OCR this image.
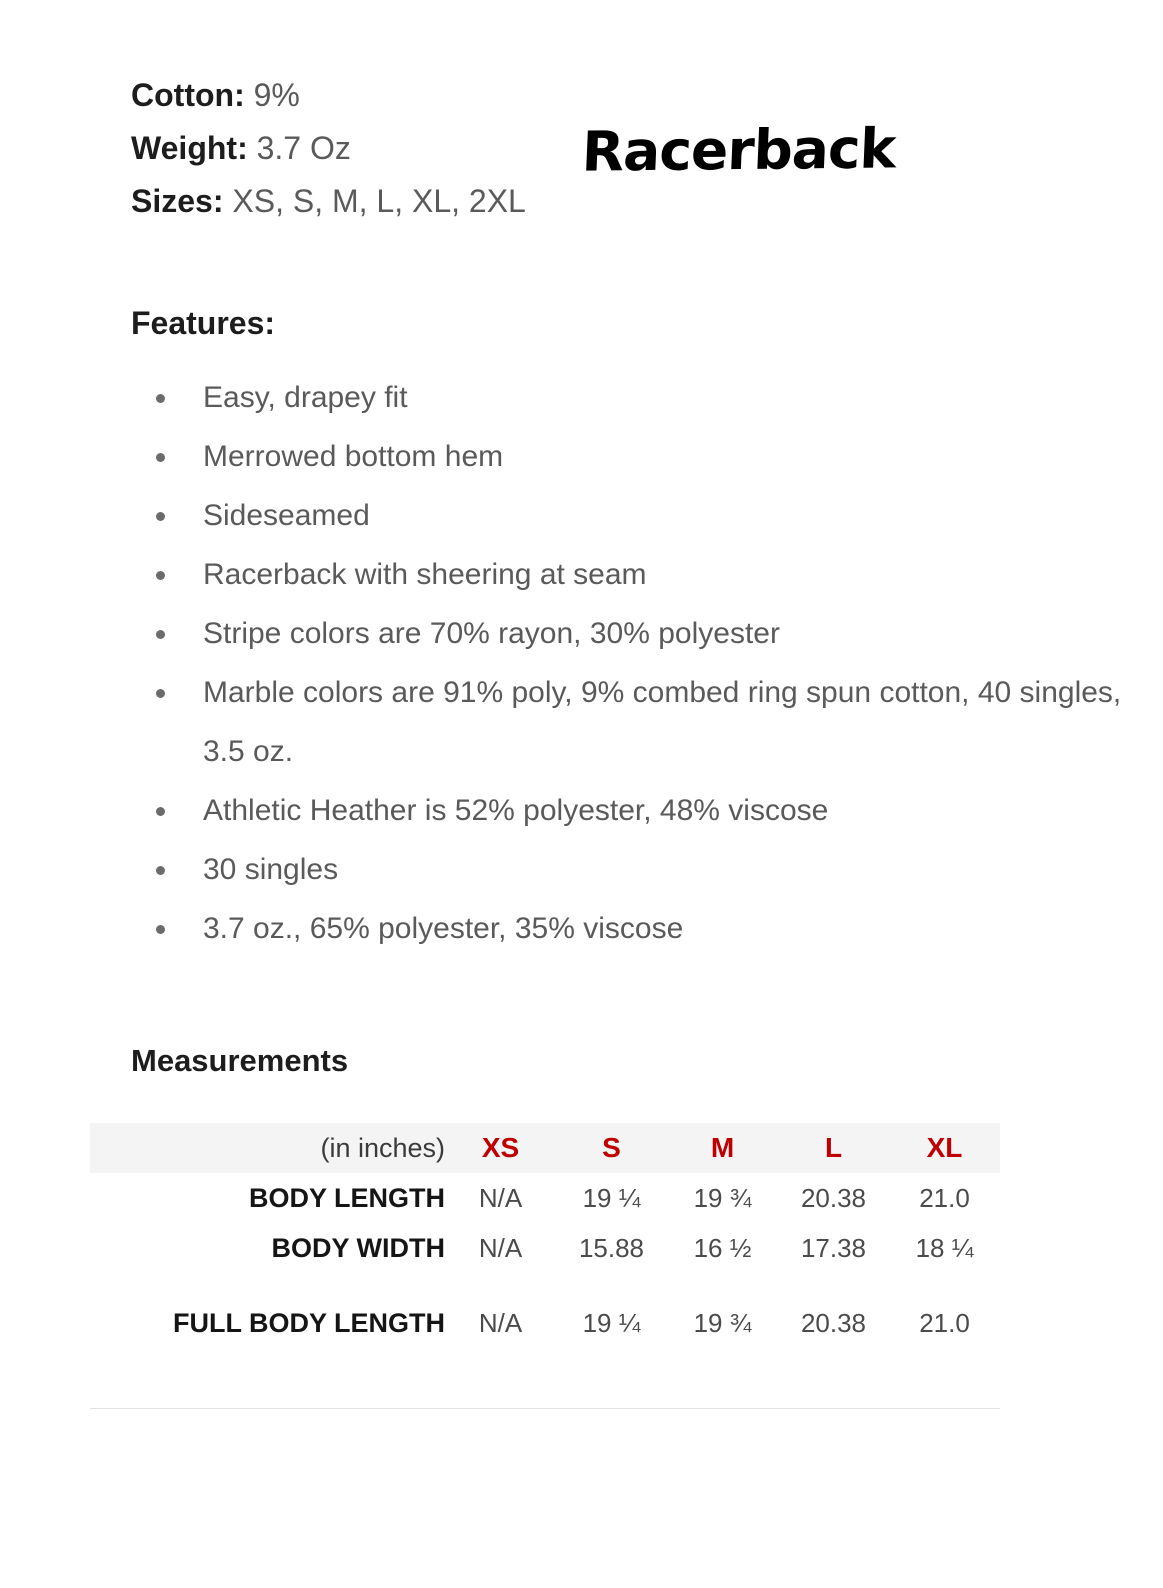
Cotton: 9%
Weight: 3.7 Oz
Sizes: XS, S, M, L, XL, 2XL
Racerback
Features:
Easy, drapey fit
Merrowed bottom hem
Sideseamed
Racerback with sheering at seam
Stripe colors are 70% rayon, 30% polyester
Marble colors are 91% poly, 9% combed ring spun cotton, 40 singles, 3.5 oz.
Athletic Heather is 52% polyester, 48% viscose
30 singles
3.7 oz., 65% polyester, 35% viscose
Measurements
(in inches)	XS	S	M	L	XL
BODY LENGTH	N/A	19 ¼	19 ¾	20.38	21.0
BODY WIDTH	N/A	15.88	16 ½	17.38	18 ¼
FULL BODY LENGTH	N/A	19 ¼	19 ¾	20.38	21.0
